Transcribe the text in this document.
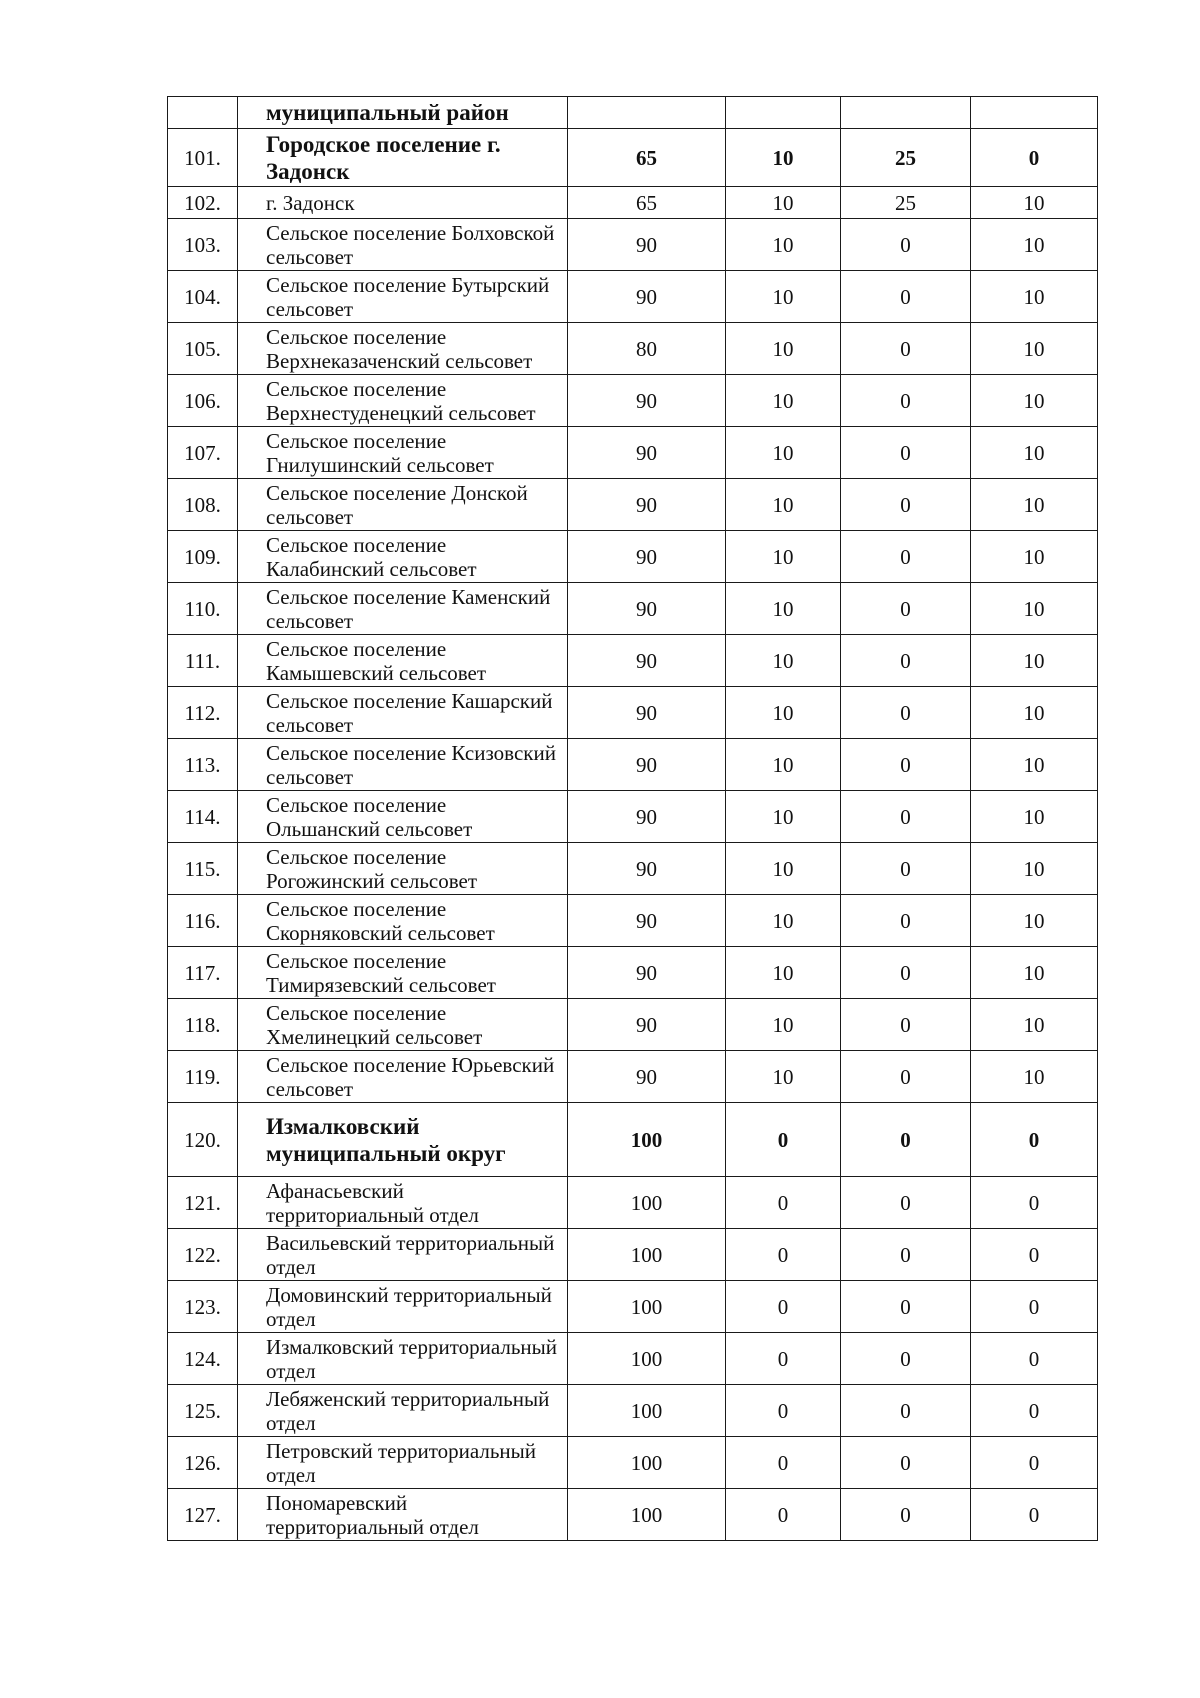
	муниципальный район				
101.	Городское поселение г. Задонск	65	10	25	0
102.	г. Задонск	65	10	25	10
103.	Сельское поселение Болховской сельсовет	90	10	0	10
104.	Сельское поселение Бутырский сельсовет	90	10	0	10
105.	Сельское поселение Верхнеказаченский сельсовет	80	10	0	10
106.	Сельское поселение Верхнестуденецкий сельсовет	90	10	0	10
107.	Сельское поселение Гнилушинский сельсовет	90	10	0	10
108.	Сельское поселение Донской сельсовет	90	10	0	10
109.	Сельское поселение Калабинский сельсовет	90	10	0	10
110.	Сельское поселение Каменский сельсовет	90	10	0	10
111.	Сельское поселение Камышевский сельсовет	90	10	0	10
112.	Сельское поселение Кашарский сельсовет	90	10	0	10
113.	Сельское поселение Ксизовский сельсовет	90	10	0	10
114.	Сельское поселение Ольшанский сельсовет	90	10	0	10
115.	Сельское поселение Рогожинский сельсовет	90	10	0	10
116.	Сельское поселение Скорняковский сельсовет	90	10	0	10
117.	Сельское поселение Тимирязевский сельсовет	90	10	0	10
118.	Сельское поселение Хмелинецкий сельсовет	90	10	0	10
119.	Сельское поселение Юрьевский сельсовет	90	10	0	10
120.	Измалковский муниципальный округ	100	0	0	0
121.	Афанасьевский территориальный отдел	100	0	0	0
122.	Васильевский территориальный отдел	100	0	0	0
123.	Домовинский территориальный отдел	100	0	0	0
124.	Измалковский территориальный отдел	100	0	0	0
125.	Лебяженский территориальный отдел	100	0	0	0
126.	Петровский территориальный отдел	100	0	0	0
127.	Пономаревский территориальный отдел	100	0	0	0
